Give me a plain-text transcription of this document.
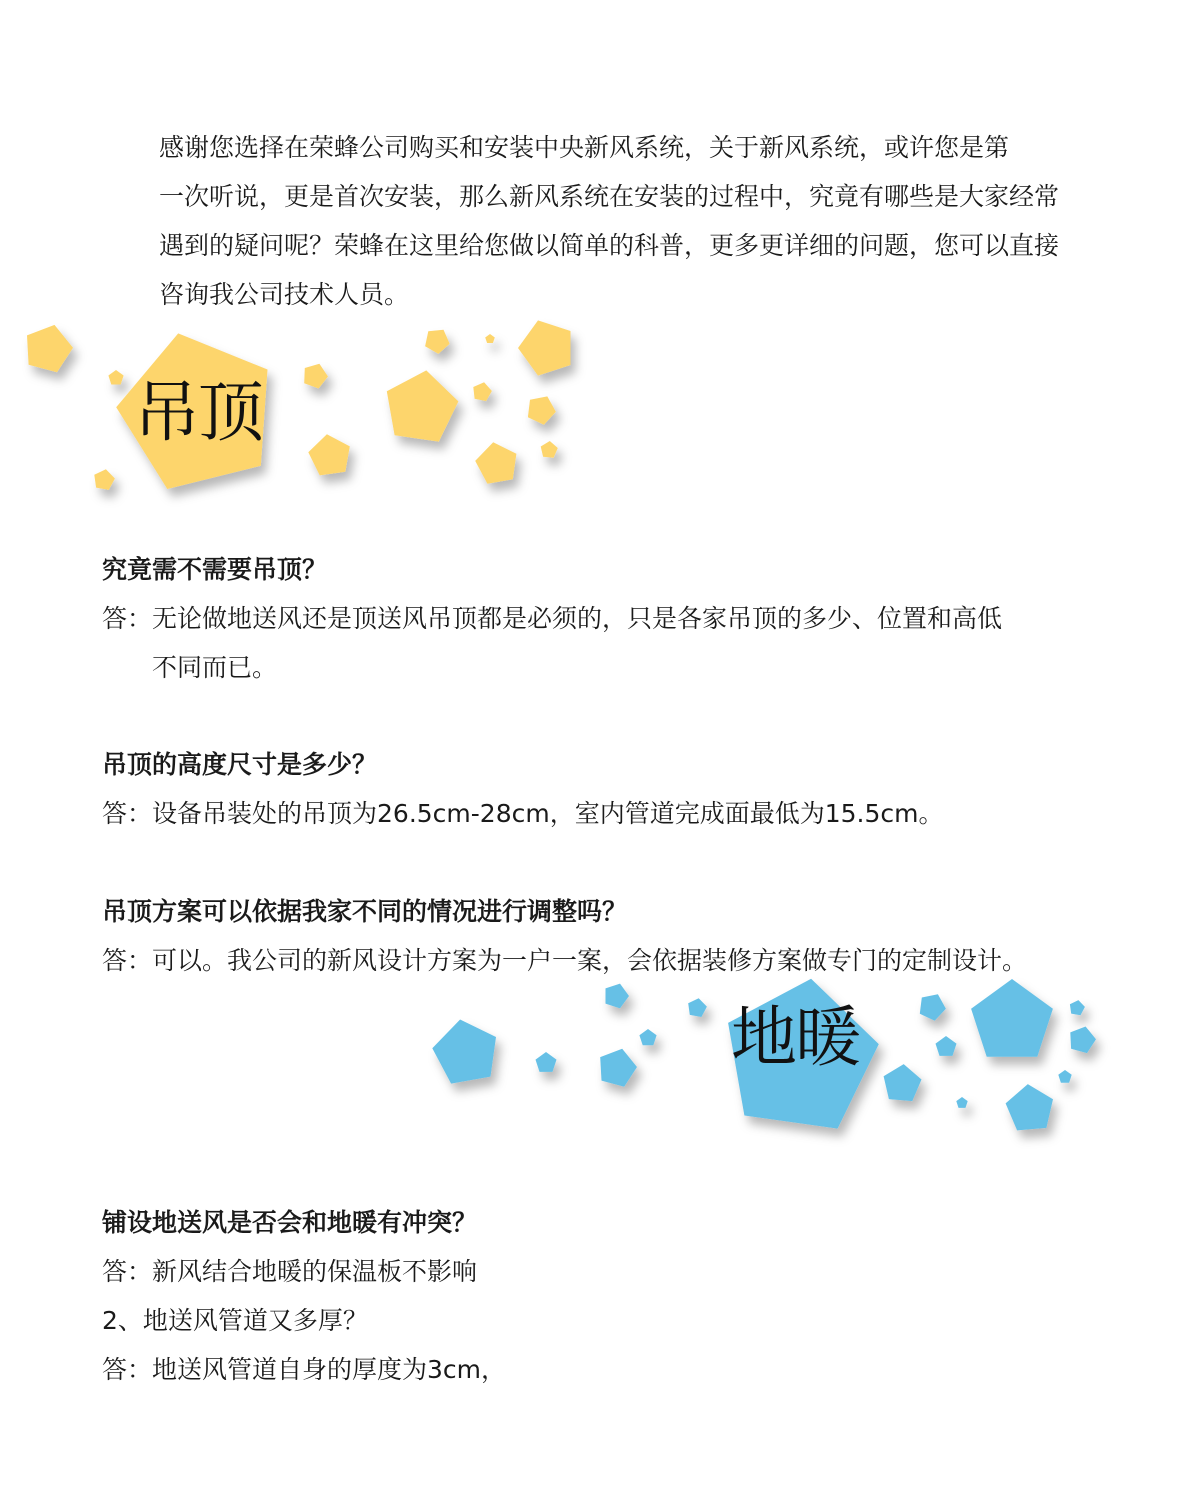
感谢您选择在荣蜂公司购买和安装中央新风系统，关于新风系统，或许您是第
一次听说，更是首次安装，那么新风系统在安装的过程中，究竟有哪些是大家经常
遇到的疑问呢？荣蜂在这里给您做以简单的科普，更多更详细的问题，您可以直接
咨询我公司技术人员。
吊顶
究竟需不需要吊顶？
答： 无论做地送风还是顶送风吊顶都是必须的，只是各家吊顶的多少、位置和高低
不同而已。
吊顶的高度尺寸是多少？
答： 设备吊装处的吊顶为26.5cm-28cm，室内管道完成面最低为15.5cm。
吊顶方案可以依据我家不同的情况进行调整吗？
答： 可以。我公司的新风设计方案为一户一案，会依据装修方案做专门的定制设计。
地暖
铺设地送风是否会和地暖有冲突？
答：新风结合地暖的保温板不影响
2、地送风管道又多厚？
答：地送风管道自身的厚度为3cm，
